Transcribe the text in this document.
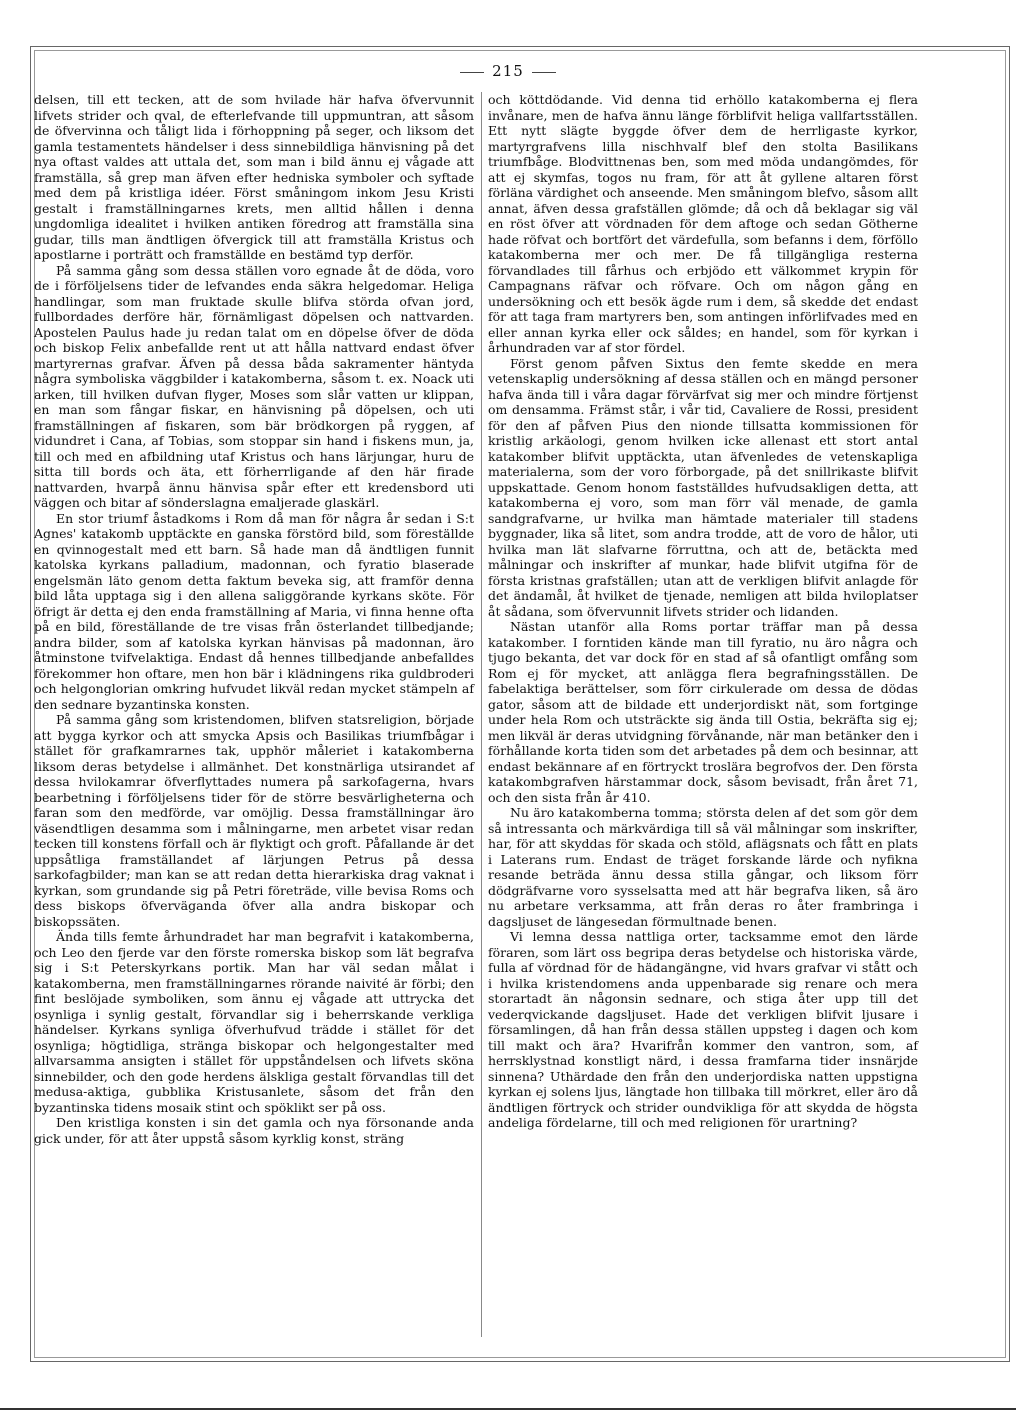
215

delsen, till ett tecken, att de som hvilade här hafva öfvervunnit lifvets strider och qval, de efterlefvande till uppmuntran, att såsom de öfvervinna och tåligt lida i förhoppning på seger, och liksom det gamla testamentets händelser i dess sinnebildliga hänvisning på det nya oftast valdes att uttala det, som man i bild ännu ej vågade att framställa, så grep man äfven efter hedniska symboler och syftade med dem på kristliga idéer. Först småningom inkom Jesu Kristi gestalt i framställningarnes krets, men alltid hållen i denna ungdomliga idealitet i hvilken antiken föredrog att framställa sina gudar, tills man ändtligen öfvergick till att framställa Kristus och apostlarne i porträtt och framställde en bestämd typ derför.

På samma gång som dessa ställen voro egnade åt de döda, voro de i förföljelsens tider de lefvandes enda säkra helgedomar. Heliga handlingar, som man fruktade skulle blifva störda ofvan jord, fullbordades derföre här, förnämligast döpelsen och nattvarden. Apostelen Paulus hade ju redan talat om en döpelse öfver de döda och biskop Felix anbefallde rent ut att hålla nattvard endast öfver martyrernas grafvar. Äfven på dessa båda sakramenter häntyda några symboliska väggbilder i katakomberna, såsom t. ex. Noack uti arken, till hvilken dufvan flyger, Moses som slår vatten ur klippan, en man som fångar fiskar, en hänvisning på döpelsen, och uti framställningen af fiskaren, som bär brödkorgen på ryggen, af vidundret i Cana, af Tobias, som stoppar sin hand i fiskens mun, ja, till och med en afbildning utaf Kristus och hans lärjungar, huru de sitta till bords och äta, ett förherrligande af den här firade nattvarden, hvarpå ännu hänvisa spår efter ett kredensbord uti väggen och bitar af sönderslagna emaljerade glaskärl.

En stor triumf åstadkoms i Rom då man för några år sedan i S:t Agnes' katakomb upptäckte en ganska förstörd bild, som föreställde en qvinnogestalt med ett barn. Så hade man då ändtligen funnit katolska kyrkans palladium, madonnan, och fyratio blaserade engelsmän läto genom detta faktum beveka sig, att framför denna bild låta upptaga sig i den allena saliggörande kyrkans sköte. För öfrigt är detta ej den enda framställning af Maria, vi finna henne ofta på en bild, föreställande de tre visas från österlandet tillbedjande; andra bilder, som af katolska kyrkan hänvisas på madonnan, äro åtminstone tvifvelaktiga. Endast då hennes tillbedjande anbefalldes förekommer hon oftare, men hon bär i klädningens rika guldbroderi och helgonglorian omkring hufvudet likväl redan mycket stämpeln af den sednare byzantinska konsten.

På samma gång som kristendomen, blifven statsreligion, började att bygga kyrkor och att smycka Apsis och Basilikas triumfbågar i stället för grafkamrarnes tak, upphör måleriet i katakomberna liksom deras betydelse i allmänhet. Det konstnärliga utsirandet af dessa hvilokamrar öfverflyttades numera på sarkofagerna, hvars bearbetning i förföljelsens tider för de större besvärligheterna och faran som den medförde, var omöjlig. Dessa framställningar äro väsendtligen desamma som i målningarne, men arbetet visar redan tecken till konstens förfall och är flyktigt och groft. Påfallande är det uppsåtliga framställandet af lärjungen Petrus på dessa sarkofagbilder; man kan se att redan detta hierarkiska drag vaknat i kyrkan, som grundande sig på Petri företräde, ville bevisa Roms och dess biskops öfverväganda öfver alla andra biskopar och biskopssäten.

Ända tills femte århundradet har man begrafvit i katakomberna, och Leo den fjerde var den förste romerska biskop som lät begrafva sig i S:t Peterskyrkans portik. Man har väl sedan målat i katakomberna, men framställningarnes rörande naivité är förbi; den fint beslöjade symboliken, som ännu ej vågade att uttrycka det osynliga i synlig gestalt, förvandlar sig i beherrskande verkliga händelser. Kyrkans synliga öfverhufvud trädde i stället för det osynliga; högtidliga, stränga biskopar och helgongestalter med allvarsamma ansigten i stället för uppståndelsen och lifvets sköna sinnebilder, och den gode herdens älskliga gestalt förvandlas till det medusa-aktiga, gubblika Kristusanlete, såsom det från den byzantinska tidens mosaik stint och spöklikt ser på oss.

Den kristliga konsten i sin det gamla och nya försonande anda gick under, för att åter uppstå såsom kyrklig konst, sträng

och köttdödande. Vid denna tid erhöllo katakomberna ej flera invånare, men de hafva ännu länge förblifvit heliga vallfartsställen. Ett nytt slägte byggde öfver dem de herrligaste kyrkor, martyrgrafvens lilla nischhvalf blef den stolta Basilikans triumfbåge. Blodvittnenas ben, som med möda undangömdes, för att ej skymfas, togos nu fram, för att åt gyllene altaren först förläna värdighet och anseende. Men småningom blefvo, såsom allt annat, äfven dessa grafställen glömde; då och då beklagar sig väl en röst öfver att vördnaden för dem aftoge och sedan Götherne hade röfvat och bortfört det värdefulla, som befanns i dem, förföllo katakomberna mer och mer. De få tillgängliga resterna förvandlades till fårhus och erbjödo ett välkommet krypin för Campagnans räfvar och röfvare. Och om någon gång en undersökning och ett besök ägde rum i dem, så skedde det endast för att taga fram martyrers ben, som antingen införlifvades med en eller annan kyrka eller ock såldes; en handel, som för kyrkan i århundraden var af stor fördel.

Först genom påfven Sixtus den femte skedde en mera vetenskaplig undersökning af dessa ställen och en mängd personer hafva ända till i våra dagar förvärfvat sig mer och mindre förtjenst om densamma. Främst står, i vår tid, Cavaliere de Rossi, president för den af påfven Pius den nionde tillsatta kommissionen för kristlig arkäologi, genom hvilken icke allenast ett stort antal katakomber blifvit upptäckta, utan äfvenledes de vetenskapliga materialerna, som der voro förborgade, på det snillrikaste blifvit uppskattade. Genom honom fastställdes hufvudsakligen detta, att katakomberna ej voro, som man förr väl menade, de gamla sandgrafvarne, ur hvilka man hämtade materialer till stadens byggnader, lika så litet, som andra trodde, att de voro de hålor, uti hvilka man lät slafvarne förruttna, och att de, betäckta med målningar och inskrifter af munkar, hade blifvit utgifna för de första kristnas grafställen; utan att de verkligen blifvit anlagde för det ändamål, åt hvilket de tjenade, nemligen att bilda hviloplatser åt sådana, som öfvervunnit lifvets strider och lidanden.

Nästan utanför alla Roms portar träffar man på dessa katakomber. I forntiden kände man till fyratio, nu äro några och tjugo bekanta, det var dock för en stad af så ofantligt omfång som Rom ej för mycket, att anlägga flera begrafningsställen. De fabelaktiga berättelser, som förr cirkulerade om dessa de dödas gator, såsom att de bildade ett underjordiskt nät, som fortginge under hela Rom och utsträckte sig ända till Ostia, bekräfta sig ej; men likväl är deras utvidgning förvånande, när man betänker den i förhållande korta tiden som det arbetades på dem och besinnar, att endast bekännare af en förtryckt troslära begrofvos der. Den första katakombgrafven härstammar dock, såsom bevisadt, från året 71, och den sista från år 410.

Nu äro katakomberna tomma; största delen af det som gör dem så intressanta och märkvärdiga till så väl målningar som inskrifter, har, för att skyddas för skada och stöld, aflägsnats och fått en plats i Laterans rum. Endast de träget forskande lärde och nyfikna resande beträda ännu dessa stilla gångar, och liksom förr dödgräfvarne voro sysselsatta med att här begrafva liken, så äro nu arbetare verksamma, att från deras ro åter frambringa i dagsljuset de längesedan förmultnade benen.

Vi lemna dessa nattliga orter, tacksamme emot den lärde föraren, som lärt oss begripa deras betydelse och historiska värde, fulla af vördnad för de hädangängne, vid hvars grafvar vi stått och i hvilka kristendomens anda uppenbarade sig renare och mera storartadt än någonsin sednare, och stiga åter upp till det vederqvickande dagsljuset. Hade det verkligen blifvit ljusare i församlingen, då han från dessa ställen uppsteg i dagen och kom till makt och ära? Hvarifrån kommer den vantron, som, af herrsklystnad konstligt närd, i dessa framfarna tider insnärjde sinnena? Uthärdade den från den underjordiska natten uppstigna kyrkan ej solens ljus, längtade hon tillbaka till mörkret, eller äro då ändtligen förtryck och strider oundvikliga för att skydda de högsta andeliga fördelarne, till och med religionen för urartning?
